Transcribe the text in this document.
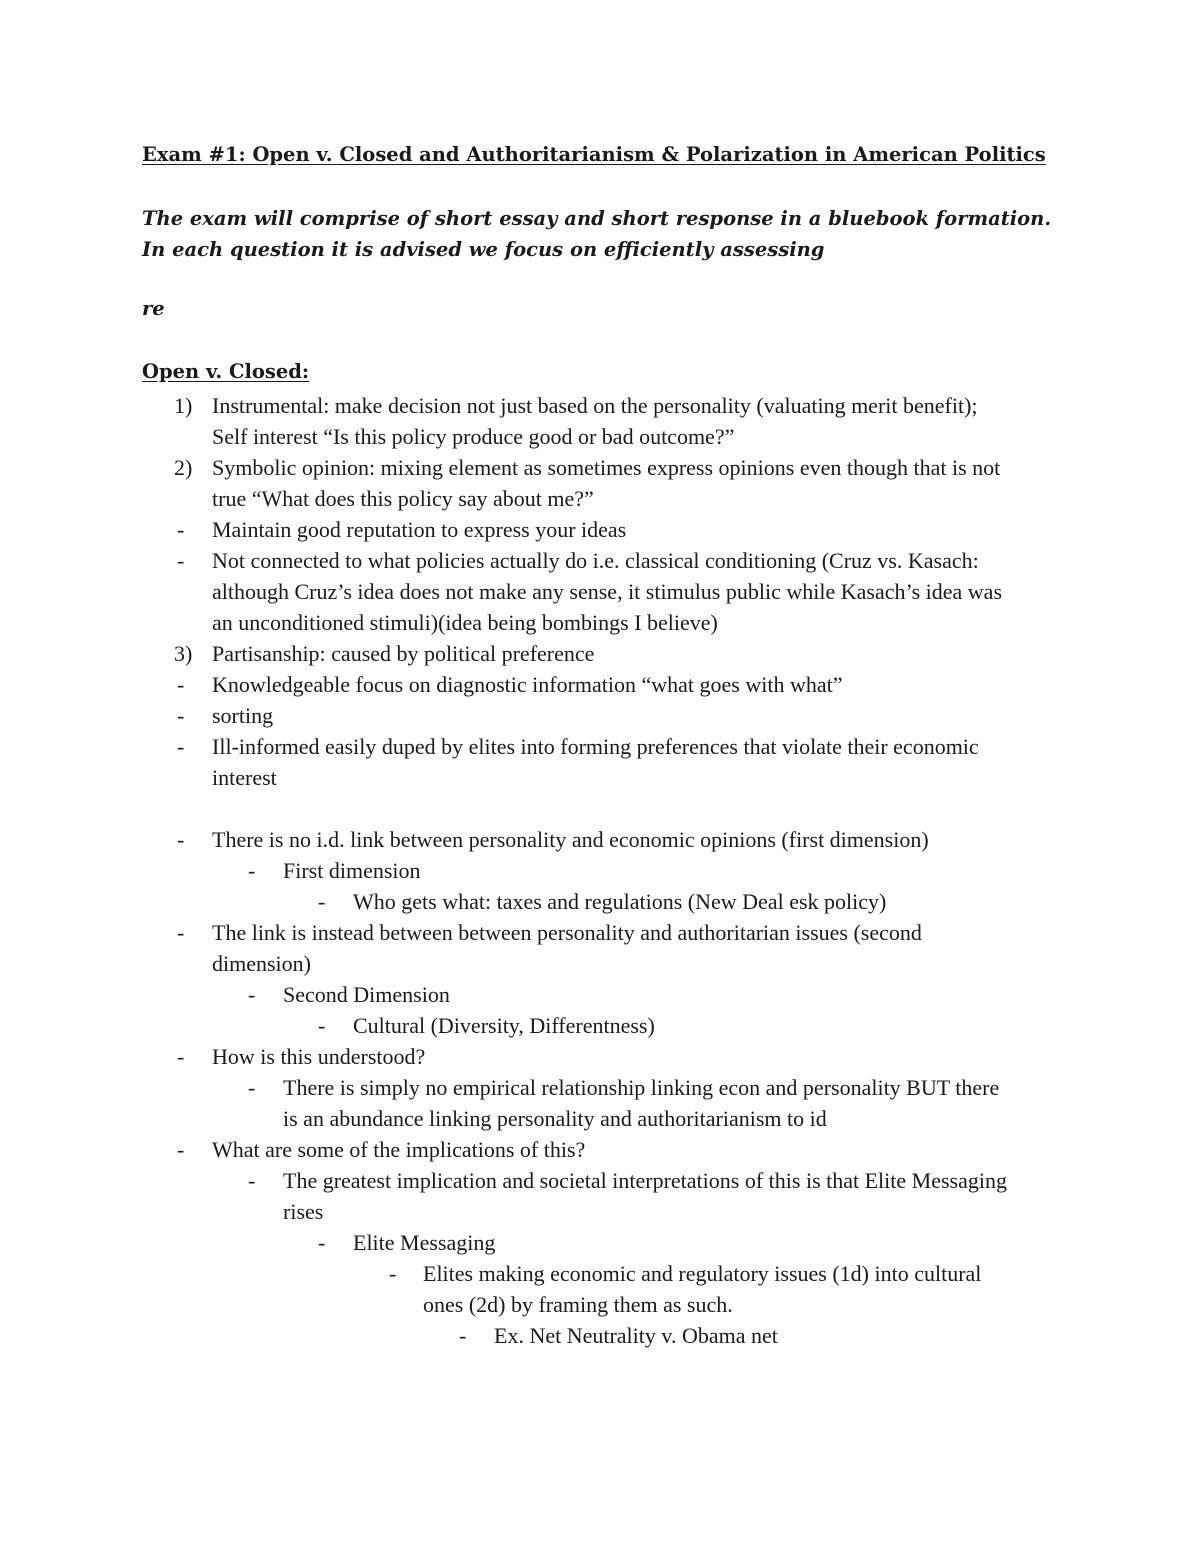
Exam #1: Open v. Closed and Authoritarianism & Polarization in American Politics
The exam will comprise of short essay and short response in a bluebook formation. In each question it is advised we focus on efficiently assessing
re
Open v. Closed:
1) Instrumental: make decision not just based on the personality (valuating merit benefit);
Self interest “Is this policy produce good or bad outcome?”
2) Symbolic opinion: mixing element as sometimes express opinions even though that is not
true “What does this policy say about me?”
- Maintain good reputation to express your ideas
- Not connected to what policies actually do i.e. classical conditioning (Cruz vs. Kasach:
although Cruz’s idea does not make any sense, it stimulus public while Kasach’s idea was
an unconditioned stimuli)(idea being bombings I believe)
3) Partisanship: caused by political preference
- Knowledgeable focus on diagnostic information “what goes with what”
- sorting
- Ill-informed easily duped by elites into forming preferences that violate their economic
interest
- There is no i.d. link between personality and economic opinions (first dimension)
- First dimension
- Who gets what: taxes and regulations (New Deal esk policy)
- The link is instead between between personality and authoritarian issues (second
dimension)
- Second Dimension
- Cultural (Diversity, Differentness)
- How is this understood?
- There is simply no empirical relationship linking econ and personality BUT there
is an abundance linking personality and authoritarianism to id
- What are some of the implications of this?
- The greatest implication and societal interpretations of this is that Elite Messaging
rises
- Elite Messaging
- Elites making economic and regulatory issues (1d) into cultural
ones (2d) by framing them as such.
- Ex. Net Neutrality v. Obama net
